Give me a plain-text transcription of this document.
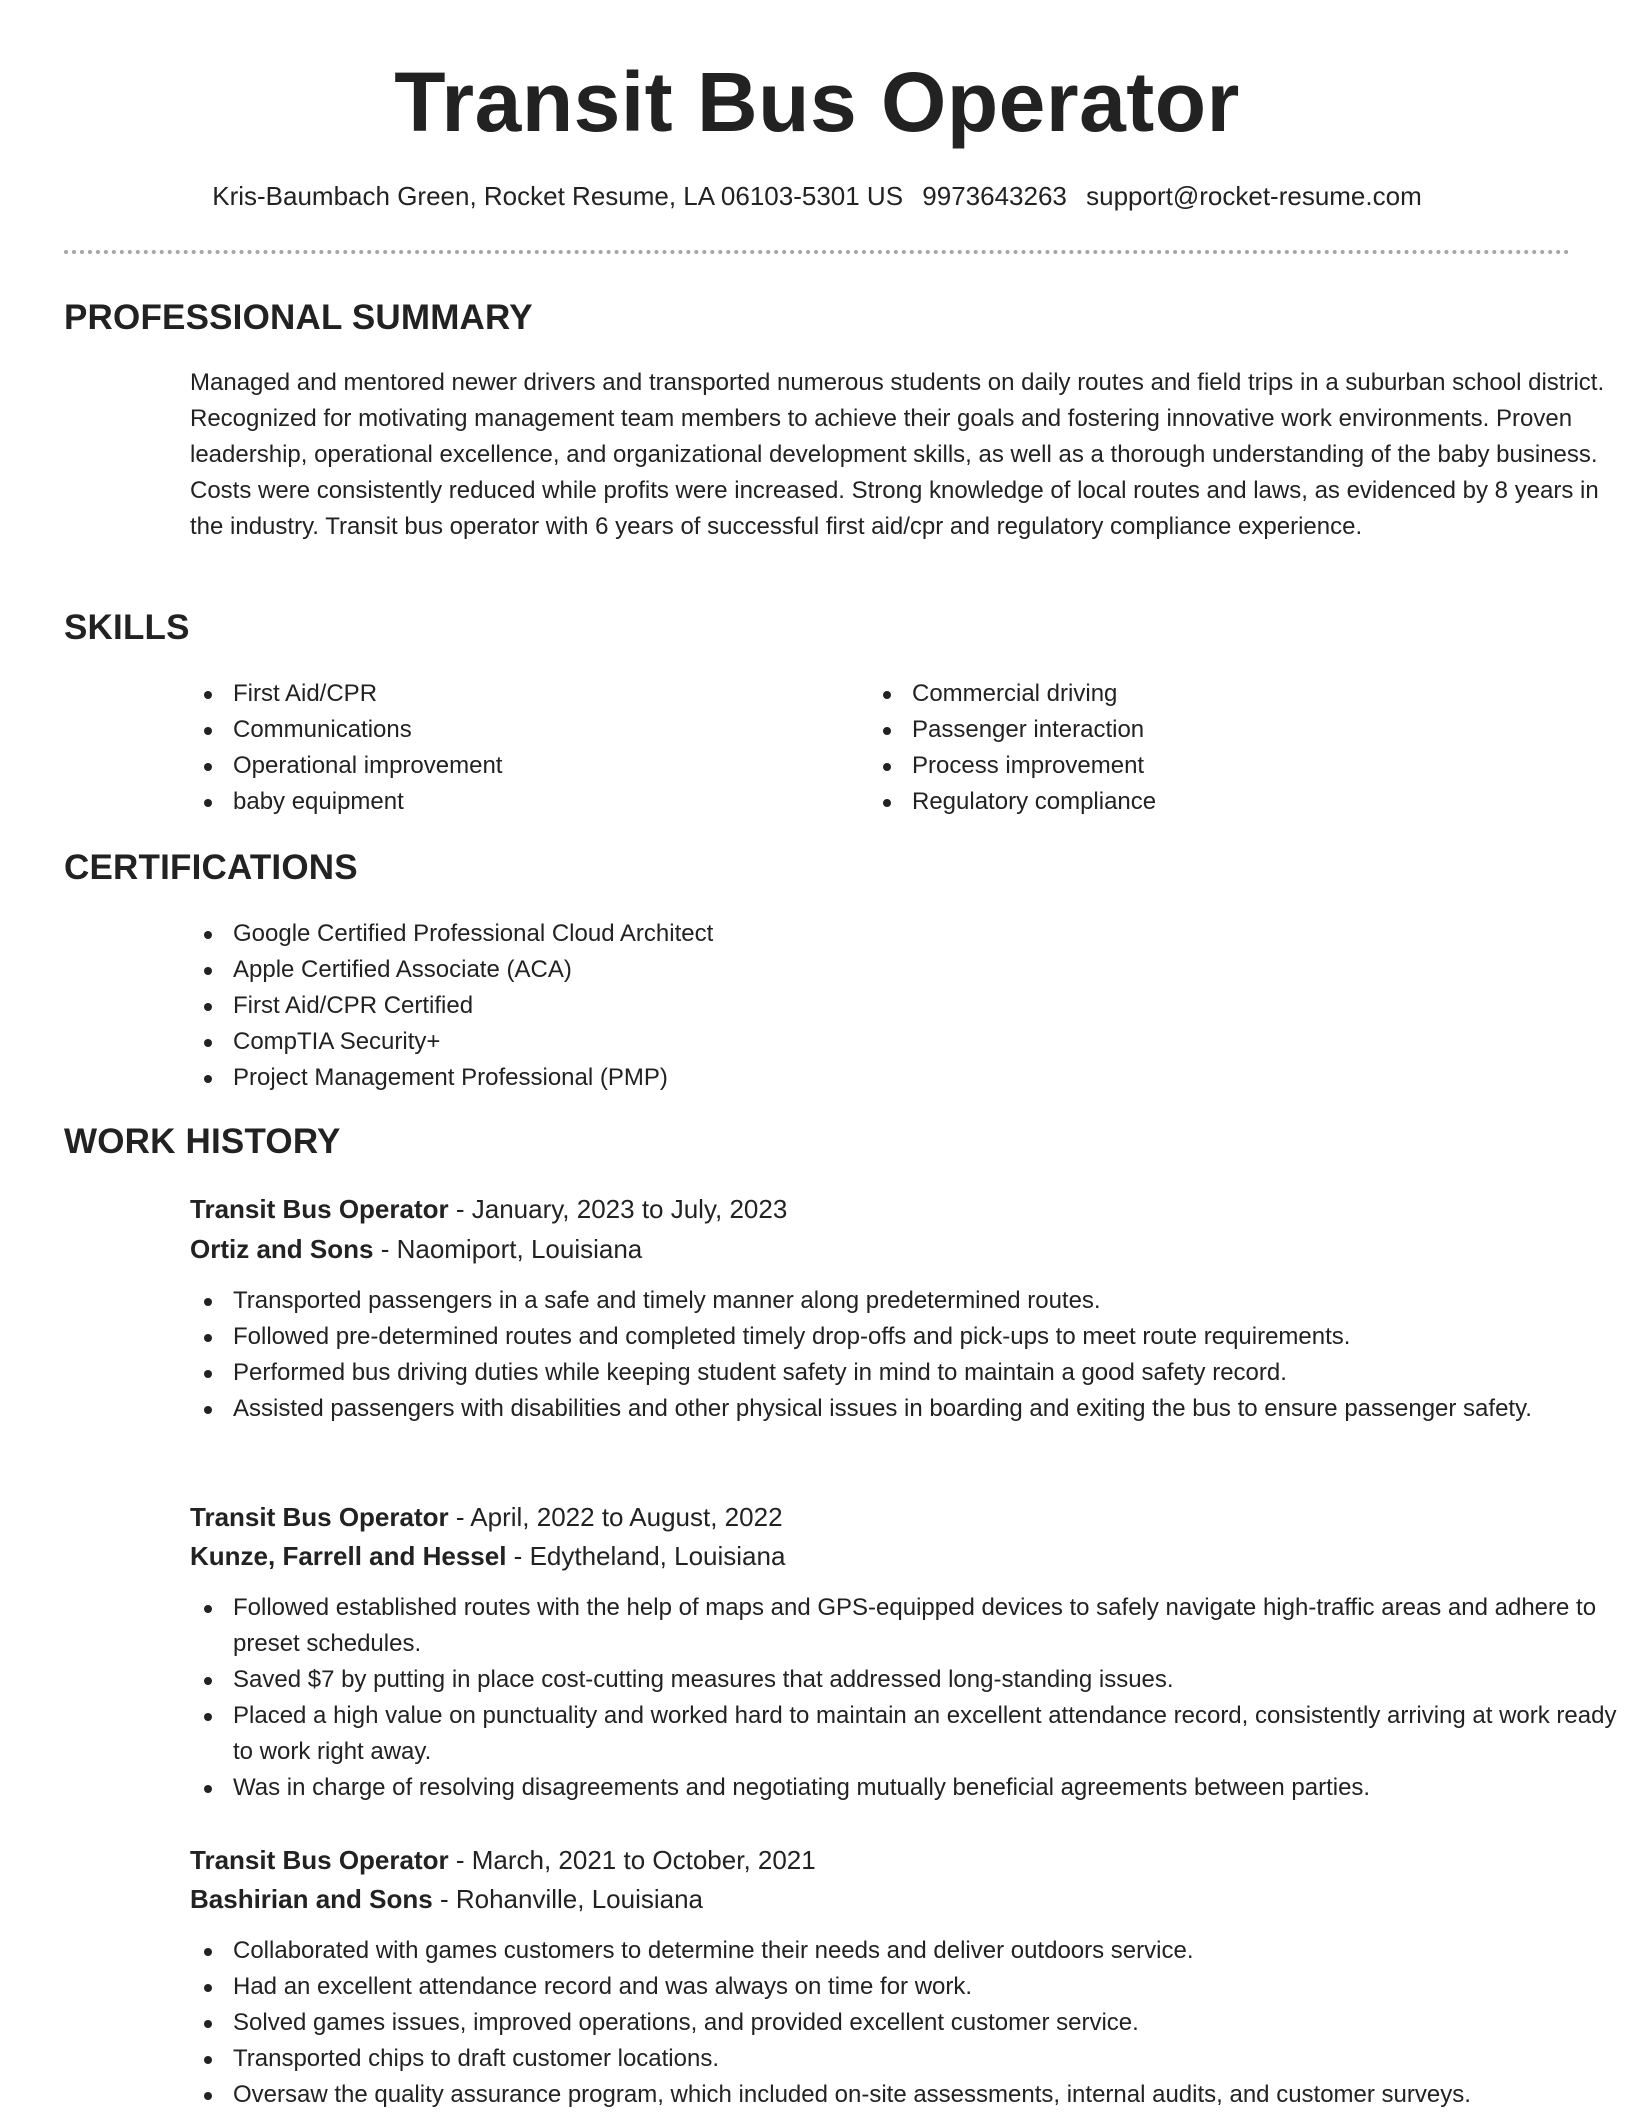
Transit Bus Operator
Kris-Baumbach Green, Rocket Resume, LA 06103-5301 US 9973643263 support@rocket-resume.com
PROFESSIONAL SUMMARY

Managed and mentored newer drivers and transported numerous students on daily routes and field trips in a suburban school district. Recognized for motivating management team members to achieve their goals and fostering innovative work environments. Proven leadership, operational excellence, and organizational development skills, as well as a thorough understanding of the baby business. Costs were consistently reduced while profits were increased. Strong knowledge of local routes and laws, as evidenced by 8 years in the industry. Transit bus operator with 6 years of successful first aid/cpr and regulatory compliance experience.

SKILLS
First Aid/CPR
Communications
Operational improvement
baby equipment
Commercial driving
Passenger interaction
Process improvement
Regulatory compliance
CERTIFICATIONS
Google Certified Professional Cloud Architect
Apple Certified Associate (ACA)
First Aid/CPR Certified
CompTIA Security+
Project Management Professional (PMP)
WORK HISTORY
Transit Bus Operator - January, 2023 to July, 2023
Ortiz and Sons - Naomiport, Louisiana
Transported passengers in a safe and timely manner along predetermined routes.
Followed pre-determined routes and completed timely drop-offs and pick-ups to meet route requirements.
Performed bus driving duties while keeping student safety in mind to maintain a good safety record.
Assisted passengers with disabilities and other physical issues in boarding and exiting the bus to ensure passenger safety.
Transit Bus Operator - April, 2022 to August, 2022
Kunze, Farrell and Hessel - Edytheland, Louisiana
Followed established routes with the help of maps and GPS-equipped devices to safely navigate high-traffic areas and adhere to preset schedules.
Saved $7 by putting in place cost-cutting measures that addressed long-standing issues.
Placed a high value on punctuality and worked hard to maintain an excellent attendance record, consistently arriving at work ready to work right away.
Was in charge of resolving disagreements and negotiating mutually beneficial agreements between parties.
Transit Bus Operator - March, 2021 to October, 2021
Bashirian and Sons - Rohanville, Louisiana
Collaborated with games customers to determine their needs and deliver outdoors service.
Had an excellent attendance record and was always on time for work.
Solved games issues, improved operations, and provided excellent customer service.
Transported chips to draft customer locations.
Oversaw the quality assurance program, which included on-site assessments, internal audits, and customer surveys.
